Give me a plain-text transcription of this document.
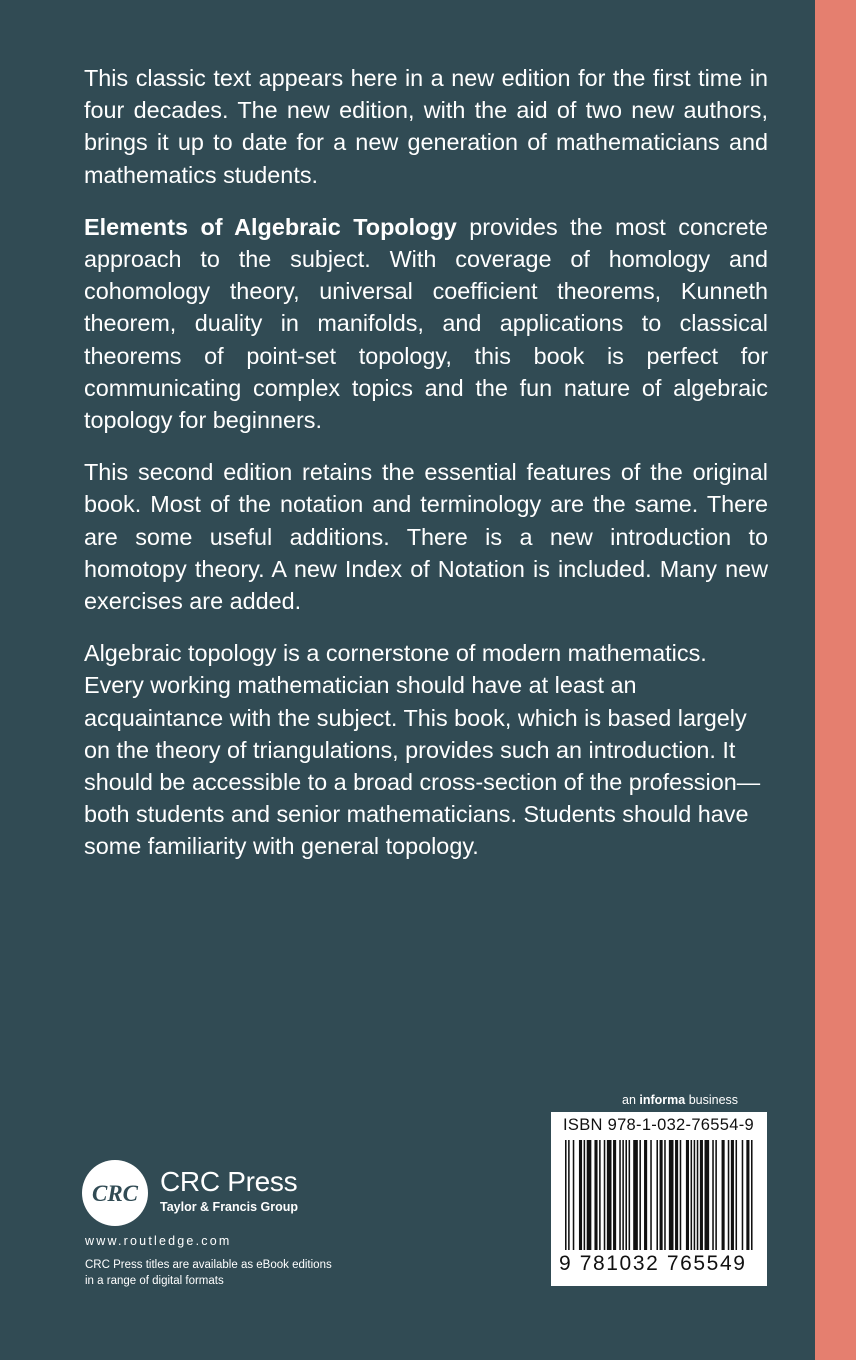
This classic text appears here in a new edition for the first time in four decades. The new edition, with the aid of two new authors, brings it up to date for a new generation of mathematicians and mathematics students.

Elements of Algebraic Topology provides the most concrete approach to the subject. With coverage of homology and cohomology theory, universal coefficient theorems, Kunneth theorem, duality in manifolds, and applications to classical theorems of point-set topology, this book is perfect for communicating complex topics and the fun nature of algebraic topology for beginners.

This second edition retains the essential features of the original book. Most of the notation and terminology are the same. There are some useful additions. There is a new introduction to homotopy theory. A new Index of Notation is included. Many new exercises are added.

Algebraic topology is a cornerstone of modern mathematics. Every working mathematician should have at least an acquaintance with the subject. This book, which is based largely on the theory of triangulations, provides such an introduction. It should be accessible to a broad cross-section of the profession—both students and senior mathematicians. Students should have some familiarity with general topology.

an informa business
ISBN 978-1-032-76554-9
9 781032 765549
CRC CRC Press
Taylor & Francis Group
www.routledge.com
CRC Press titles are available as eBook editions
in a range of digital formats
